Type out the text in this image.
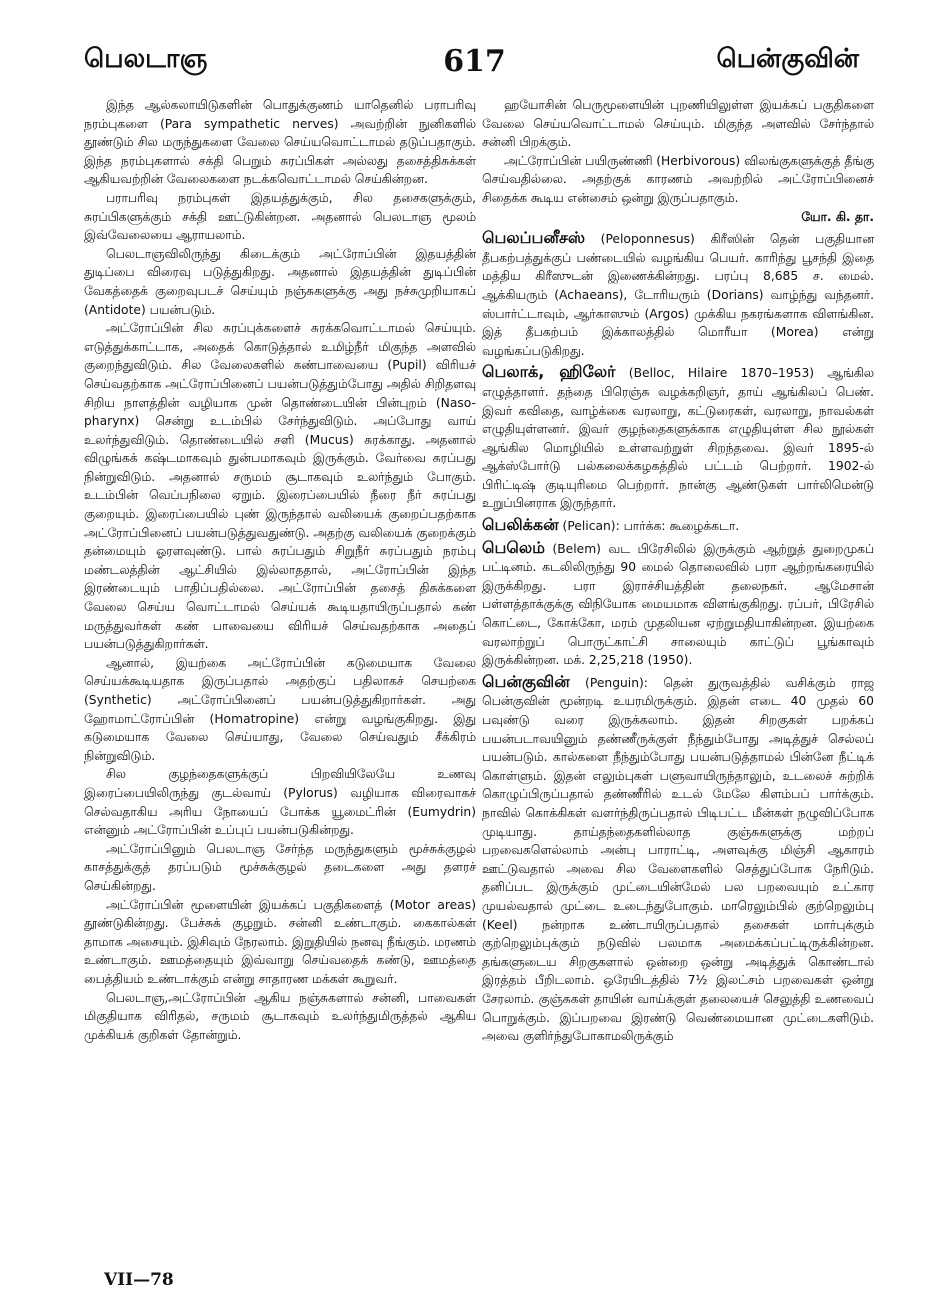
பெலடாஞ	617	பென்குவின்

இந்த ஆல்கலாயிடுகளின் பொதுக்குணம் யாதெனில் பராபரிவு நரம்புகளை (Para sympathetic nerves) அவற்றின் நுனிகளில் தூண்டும் சில மருந்துகளை வேலை செய்யவொட்டாமல் தடுப்பதாகும். இந்த நரம்புகளால் சக்தி பெறும் சுரப்பிகள் அல்லது தசைத்திசுக்கள் ஆகியவற்றின் வேலைகளை நடக்கவொட்டாமல் செய்கின்றன.

பராபரிவு நரம்புகள் இதயத்துக்கும், சில தசைகளுக்கும், சுரப்பிகளுக்கும் சக்தி ஊட்டுகின்றன. அதனால் பெலடாஞ மூலம் இவ்வேலையை ஆராயலாம்.

பெலடாஞவிலிருந்து கிடைக்கும் அட்ரோப்பின் இதயத்தின் துடிப்பை விரைவு படுத்துகிறது. அதனால் இதயத்தின் துடிப்பின் வேகத்தைக் குறைவுபடச் செய்யும் நஞ்சுகளுக்கு அது நச்சுமுறியாகப் (Antidote) பயன்படும்.

அட்ரோப்பின் சில சுரப்புக்களைச் சுரக்கவொட்டாமல் செய்யும். எடுத்துக்காட்டாக, அதைக் கொடுத்தால் உமிழ்நீர் மிகுந்த அளவில் குறைந்துவிடும். சில வேலைகளில் கண்பாவையை (Pupil) விரியச் செய்வதற்காக அட்ரோப்பினைப் பயன்படுத்தும்போது அதில் சிறிதளவு சிறிய நாளத்தின் வழியாக முன் தொண்டையின் பின்புறம் (Naso-pharynx) சென்று உடம்பில் சேர்ந்துவிடும். அப்போது வாய் உலர்ந்துவிடும். தொண்டையில் சளி (Mucus) சுரக்காது. அதனால் விழுங்கக் கஷ்டமாகவும் துன்பமாகவும் இருக்கும். வேர்வை சுரப்பது நின்றுவிடும். அதனால் சருமம் சூடாகவும் உலர்ந்தும் போகும். உடம்பின் வெப்பநிலை ஏறும். இரைப்பையில் நீரை நீர் சுரப்பது குறையும். இரைப்பையில் புண் இருந்தால் வலியைக் குறைப்பதற்காக அட்ரோப்பினைப் பயன்படுத்துவதுண்டு. அதற்கு வலியைக் குறைக்கும் தன்மையும் ஓரளவுண்டு. பால் சுரப்பதும் சிறுநீர் சுரப்பதும் நரம்பு மண்டலத்தின் ஆட்சியில் இல்லாததால், அட்ரோப்பின் இந்த இரண்டையும் பாதிப்பதில்லை. அட்ரோப்பின் தசைத் திசுக்களை வேலை செய்ய வொட்டாமல் செய்யக் கூடியதாயிருப்பதால் கண் மருத்துவர்கள் கண் பாவையை விரியச் செய்வதற்காக அதைப் பயன்படுத்துகிறார்கள்.

ஆனால், இயற்கை அட்ரோப்பின் கடுமையாக வேலை செய்யக்கூடியதாக இருப்பதால் அதற்குப் பதிலாகச் செயற்கை (Synthetic) அட்ரோப்பினைப் பயன்படுத்துகிறார்கள். அது ஹோமாட்ரோப்பின் (Homatropine) என்று வழங்குகிறது. இது கடுமையாக வேலை செய்யாது, வேலை செய்வதும் சீக்கிரம் நின்றுவிடும்.

சில குழந்தைகளுக்குப் பிறவியிலேயே உணவு இரைப்பையிலிருந்து குடல்வாய் (Pylorus) வழியாக விரைவாகச் செல்வதாகிய அரிய நோயைப் போக்க யூமைட்ரின் (Eumydrin) என்னும் அட்ரோப்பின் உப்புப் பயன்படுகின்றது.

அட்ரோப்பினும் பெலடாஞ சேர்ந்த மருந்துகளும் மூச்சுக்குழல் காசத்துக்குத் தரப்படும் மூச்சுக்குழல் தடைகளை அது தளரச் செய்கின்றது.

அட்ரோப்பின் மூளையின் இயக்கப் பகுதிகளைத் (Motor areas) தூண்டுகின்றது. பேச்சுக் குழறும். சன்னி உண்டாகும். கைகால்கள் தாமாக அசையும். இசிவும் நேரலாம். இறுதியில் நனவு நீங்கும். மரணம் உண்டாகும். ஊமத்தையும் இவ்வாறு செய்வதைக் கண்டு, ஊமத்தை பைத்தியம் உண்டாக்கும் என்று சாதாரண மக்கள் கூறுவர்.

பெலடாஞ,அட்ரோப்பின் ஆகிய நஞ்சுகளால் சன்னி, பாவைகள் மிகுதியாக விரிதல், சருமம் சூடாகவும் உலர்ந்துமிருத்தல் ஆகிய முக்கியக் குறிகள் தோன்றும்.

ஹயோசின் பெருமூளையின் புறணியிலுள்ள இயக்கப் பகுதிகளை வேலை செய்யவொட்டாமல் செய்யும். மிகுந்த அளவில் சேர்ந்தால் சன்னி பிறக்கும்.

அட்ரோப்பின் பயிருண்ணி (Herbivorous) விலங்குகளுக்குத் தீங்கு செய்வதில்லை. அதற்குக் காரணம் அவற்றில் அட்ரோப்பினைச் சிதைக்க கூடிய என்சைம் ஒன்று இருப்பதாகும்.

யோ. கி. தா.

பெலப்பனீசஸ் (Peloponnesus) கிரீஸின் தென் பகுதியான தீபகற்பத்துக்குப் பண்டையில் வழங்கிய பெயர். காரிந்து பூசந்தி இதை மத்திய கிரீஸுடன் இணைக்கின்றது. பரப்பு 8,685 ச. மைல். ஆக்கியரும் (Achaeans), டோரியரும் (Dorians) வாழ்ந்து வந்தனர். ஸ்பார்ட்டாவும், ஆர்காஸும் (Argos) முக்கிய நகரங்களாக விளங்கின. இத் தீபகற்பம் இக்காலத்தில் மொரீயா (Morea) என்று வழங்கப்படுகிறது.

பெலாக், ஹிலேர் (Belloc, Hilaire 1870–1953) ஆங்கில எழுத்தாளர். தந்தை பிரெஞ்சு வழக்கறிஞர், தாய் ஆங்கிலப் பெண். இவர் கவிதை, வாழ்க்கை வரலாறு, கட்டுரைகள், வரலாறு, நாவல்கள் எழுதியுள்ளனர். இவர் குழந்தைகளுக்காக எழுதியுள்ள சில நூல்கள் ஆங்கில மொழியில் உள்ளவற்றுள் சிறந்தவை. இவர் 1895-ல் ஆக்ஸ்போர்டு பல்கலைக்கழகத்தில் பட்டம் பெற்றார். 1902-ல் பிரிட்டிஷ் குடியுரிமை பெற்றார். நான்கு ஆண்டுகள் பார்லிமென்டு உறுப்பினராக இருந்தார்.

பெலிக்கன் (Pelican): பார்க்க: கூழைக்கடா.

பெலெம் (Belem) வட பிரேசிலில் இருக்கும் ஆற்றுத் துறைமுகப் பட்டினம். கடலிலிருந்து 90 மைல் தொலைவில் பரா ஆற்றங்கரையில் இருக்கிறது. பரா இராச்சியத்தின் தலைநகர். ஆமேசான் பள்ளத்தாக்குக்கு விநியோக மையமாக விளங்குகிறது. ரப்பர், பிரேசில் கொட்டை, கோக்கோ, மரம் முதலியன ஏற்றுமதியாகின்றன. இயற்கை வரலாற்றுப் பொருட்காட்சி சாலையும் காட்டுப் பூங்காவும் இருக்கின்றன. மக். 2,25,218 (1950).

பென்குவின் (Penguin): தென் துருவத்தில் வசிக்கும் ராஜ பென்குவின் மூன்றடி உயரமிருக்கும். இதன் எடை 40 முதல் 60 பவுண்டு வரை இருக்கலாம். இதன் சிறகுகள் பறக்கப் பயன்படாவயினும் தண்ணீருக்குள் நீந்தும்போது அடித்துச் செல்லப் பயன்படும். கால்களை நீந்தும்போது பயன்படுத்தாமல் பின்னே நீட்டிக் கொள்ளும். இதன் எலும்புகள் பளுவாயிருந்தாலும், உடலைச் சுற்றிக் கொழுப்பிருப்பதால் தண்ணீரில் உடல் மேலே கிளம்பப் பார்க்கும். நாவில் கொக்கிகள் வளர்ந்திருப்பதால் பிடிபட்ட மீன்கள் நழுவிப்போக முடியாது. தாய்தந்தைகளில்லாத குஞ்சுகளுக்கு மற்றப் பறவைகளெல்லாம் அன்பு பாராட்டி, அளவுக்கு மிஞ்சி ஆகாரம் ஊட்டுவதால் அவை சில வேளைகளில் செத்துப்போக நேரிடும். தனிப்பட இருக்கும் முட்டையின்மேல் பல பறவையும் உட்கார முயல்வதால் முட்டை உடைந்துபோகும். மாரெலும்பில் குற்றெலும்பு (Keel) நன்றாக உண்டாயிருப்பதால் தசைகள் மார்புக்கும் குற்றெலும்புக்கும் நடுவில் பலமாக அமைக்கப்பட்டிருக்கின்றன. தங்களுடைய சிறகுகளால் ஒன்றை ஒன்று அடித்துக் கொண்டால் இரத்தம் பீறிடலாம். ஒரேயிடத்தில் 7½ இலட்சம் பறவைகள் ஒன்று சேரலாம். குஞ்சுகள் தாயின் வாய்க்குள் தலையைச் செலுத்தி உணவைப் பொறுக்கும். இப்பறவை இரண்டு வெண்மையான முட்டைகளிடும். அவை குளிர்ந்துபோகாமலிருக்கும்

VII—78
